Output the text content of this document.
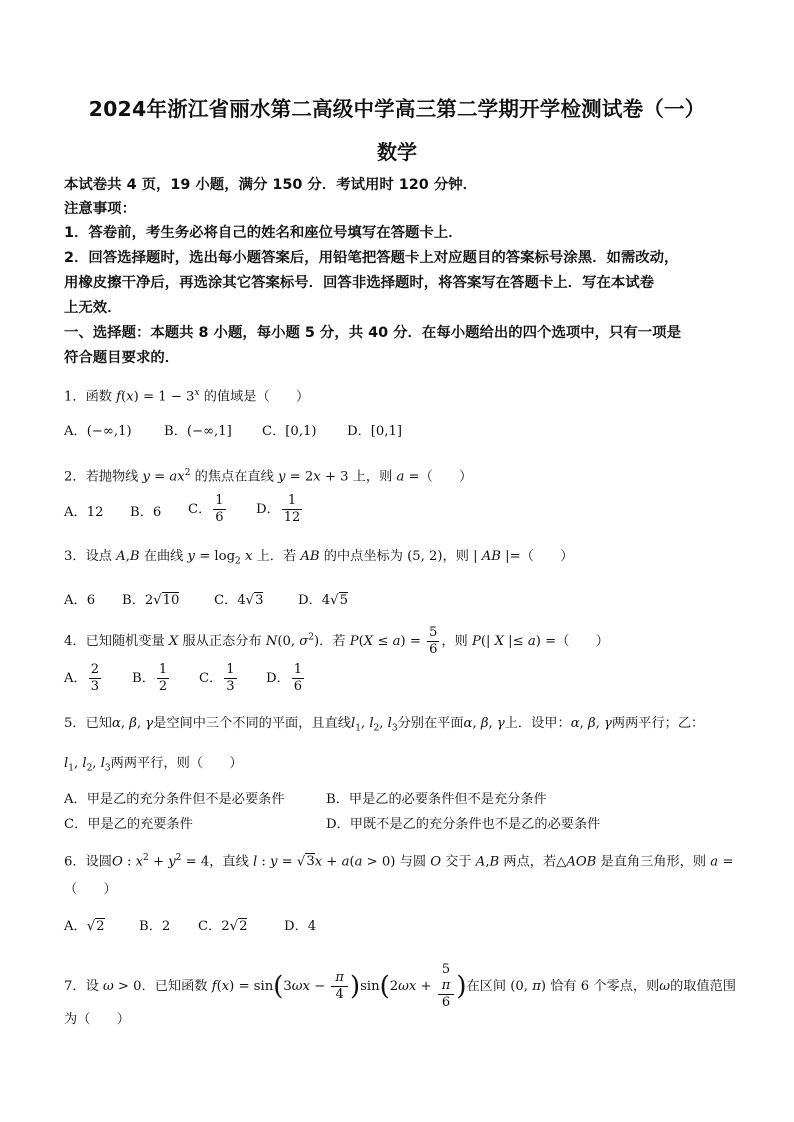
2024年浙江省丽水第二高级中学高三第二学期开学检测试卷（一）
数学
本试卷共 4 页，19 小题，满分 150 分．考试用时 120 分钟．
注意事项：
1．答卷前，考生务必将自己的姓名和座位号填写在答题卡上．
2．回答选择题时，选出每小题答案后，用铅笔把答题卡上对应题目的答案标号涂黑．如需改动，
用橡皮擦干净后，再选涂其它答案标号．回答非选择题时，将答案写在答题卡上．写在本试卷
上无效．
一、选择题：本题共 8 小题，每小题 5 分，共 40 分．在每小题给出的四个选项中，只有一项是
符合题目要求的．
1．函数 $f(x) = 1 - 3^x$ 的值域是（　　）
A．(−∞,1) B．(−∞,1] C．[0,1) D．[0,1]
2．若抛物线 $y = ax^2$ 的焦点在直线 y = 2x + 3 上，则 a =（　　）
A．12 B．6 C． $\frac{1}{6}$ D． $\frac{1}{12}$
3．设点 A,B 在曲线 $y = \log_2 x$ 上．若 AB 的中点坐标为 (5, 2)，则 | AB |=（　　）
A．6 B．2√10	C．4√3	D．4√5
4．已知随机变量 X 服从正态分布 N(0, $\sigma^2$)．若 $P(X \le a) = \frac{5}{6}$ ，则 P(| X |≤ a) =（　　）
A． $\frac{2}{3}$ B． $\frac{1}{2}$ C． $\frac{1}{3}$ D． $\frac{1}{6}$
5．已知α, β, γ是空间中三个不同的平面，且直线$l_1$, $l_2$, $l_3$分别在平面α, β, γ上．设甲：α, β, γ两两平行；乙：
$l_1$, $l_2$, $l_3$两两平行，则（　　）
A．甲是乙的充分条件但不是必要条件	B．甲是乙的必要条件但不是充分条件
C．甲是乙的充要条件	D．甲既不是乙的充分条件也不是乙的必要条件
6．设圆O : $x^2 + y^2 = 4$，直线 l : y = √3x + a(a > 0) 与圆 O 交于 A,B 两点，若△AOB 是直角三角形，则 a =
（　　）
A．√2	B．2 C．2√2	D．4
7．设 ω > 0．已知函数 $f(x) = \sin(3\omega x - \frac{\pi}{4} )\sin(2\omega x + 5$
π
6 )在区间 (0, π) 恰有 6 个零点，则ω的取值范围
为（　　）
